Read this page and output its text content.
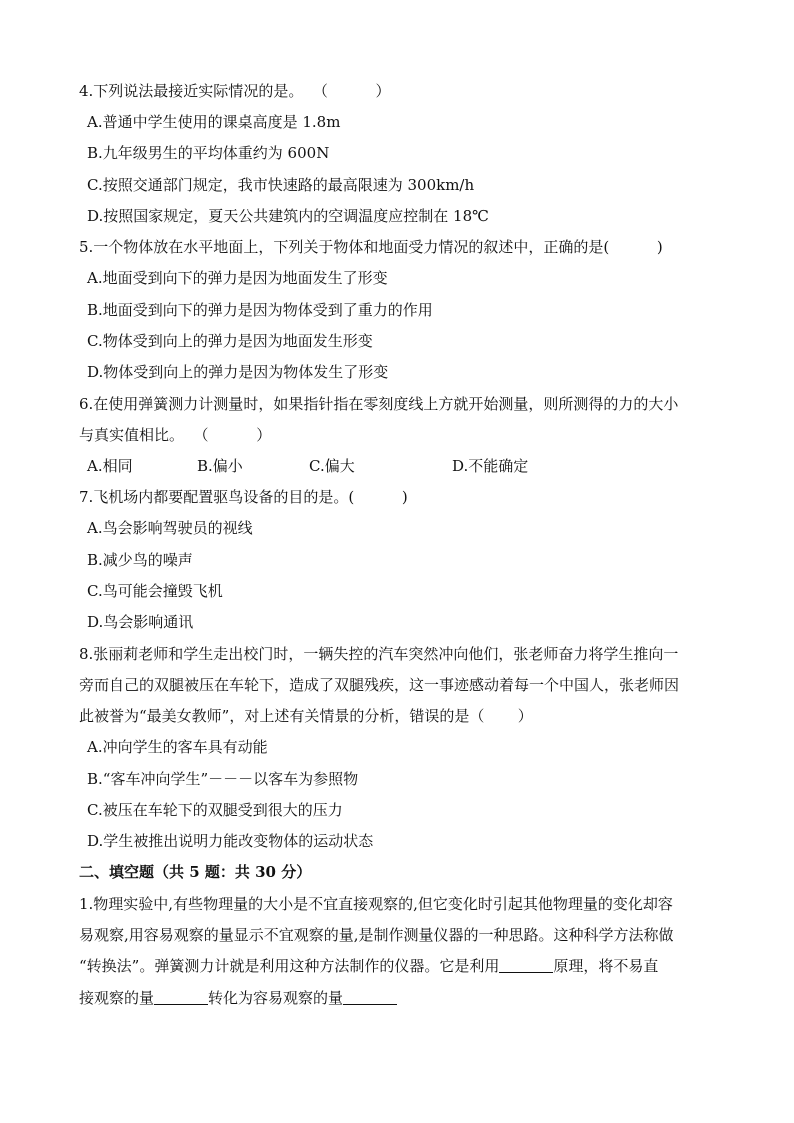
4.下列说法最接近实际情况的是。  （          ）
A.普通中学生使用的课桌高度是 1.8m
B.九年级男生的平均体重约为 600N
C.按照交通部门规定，我市快速路的最高限速为 300km/h
D.按照国家规定，夏天公共建筑内的空调温度应控制在 18℃
5.一个物体放在水平地面上，下列关于物体和地面受力情况的叙述中，正确的是(          )
A.地面受到向下的弹力是因为地面发生了形变
B.地面受到向下的弹力是因为物体受到了重力的作用
C.物体受到向上的弹力是因为地面发生形变
D.物体受到向上的弹力是因为物体发生了形变
6.在使用弹簧测力计测量时，如果指针指在零刻度线上方就开始测量，则所测得的力的大小
与真实值相比。  （          ）

A.相同

	B.偏小

	C.偏大

	D.不能确定

7.飞机场内都要配置驱鸟设备的目的是。(          )
A.鸟会影响驾驶员的视线
B.减少鸟的噪声
C.鸟可能会撞毁飞机
D.鸟会影响通讯
8.张丽莉老师和学生走出校门时，一辆失控的汽车突然冲向他们，张老师奋力将学生推向一
旁而自己的双腿被压在车轮下，造成了双腿残疾，这一事迹感动着每一个中国人，张老师因
此被誉为“最美女教师”，对上述有关情景的分析，错误的是（       ）
A.冲向学生的客车具有动能
B.“客车冲向学生”－－－以客车为参照物
C.被压在车轮下的双腿受到很大的压力
D.学生被推出说明力能改变物体的运动状态
二、填空题（共 5 题：共 30 分）
1.物理实验中,有些物理量的大小是不宜直接观察的,但它变化时引起其他物理量的变化却容
易观察,用容易观察的量显示不宜观察的量,是制作测量仪器的一种思路。这种科学方法称做
“转换法”。弹簧测力计就是利用这种方法制作的仪器。它是利用	原理，将不易直
接观察的量	转化为容易观察的量
